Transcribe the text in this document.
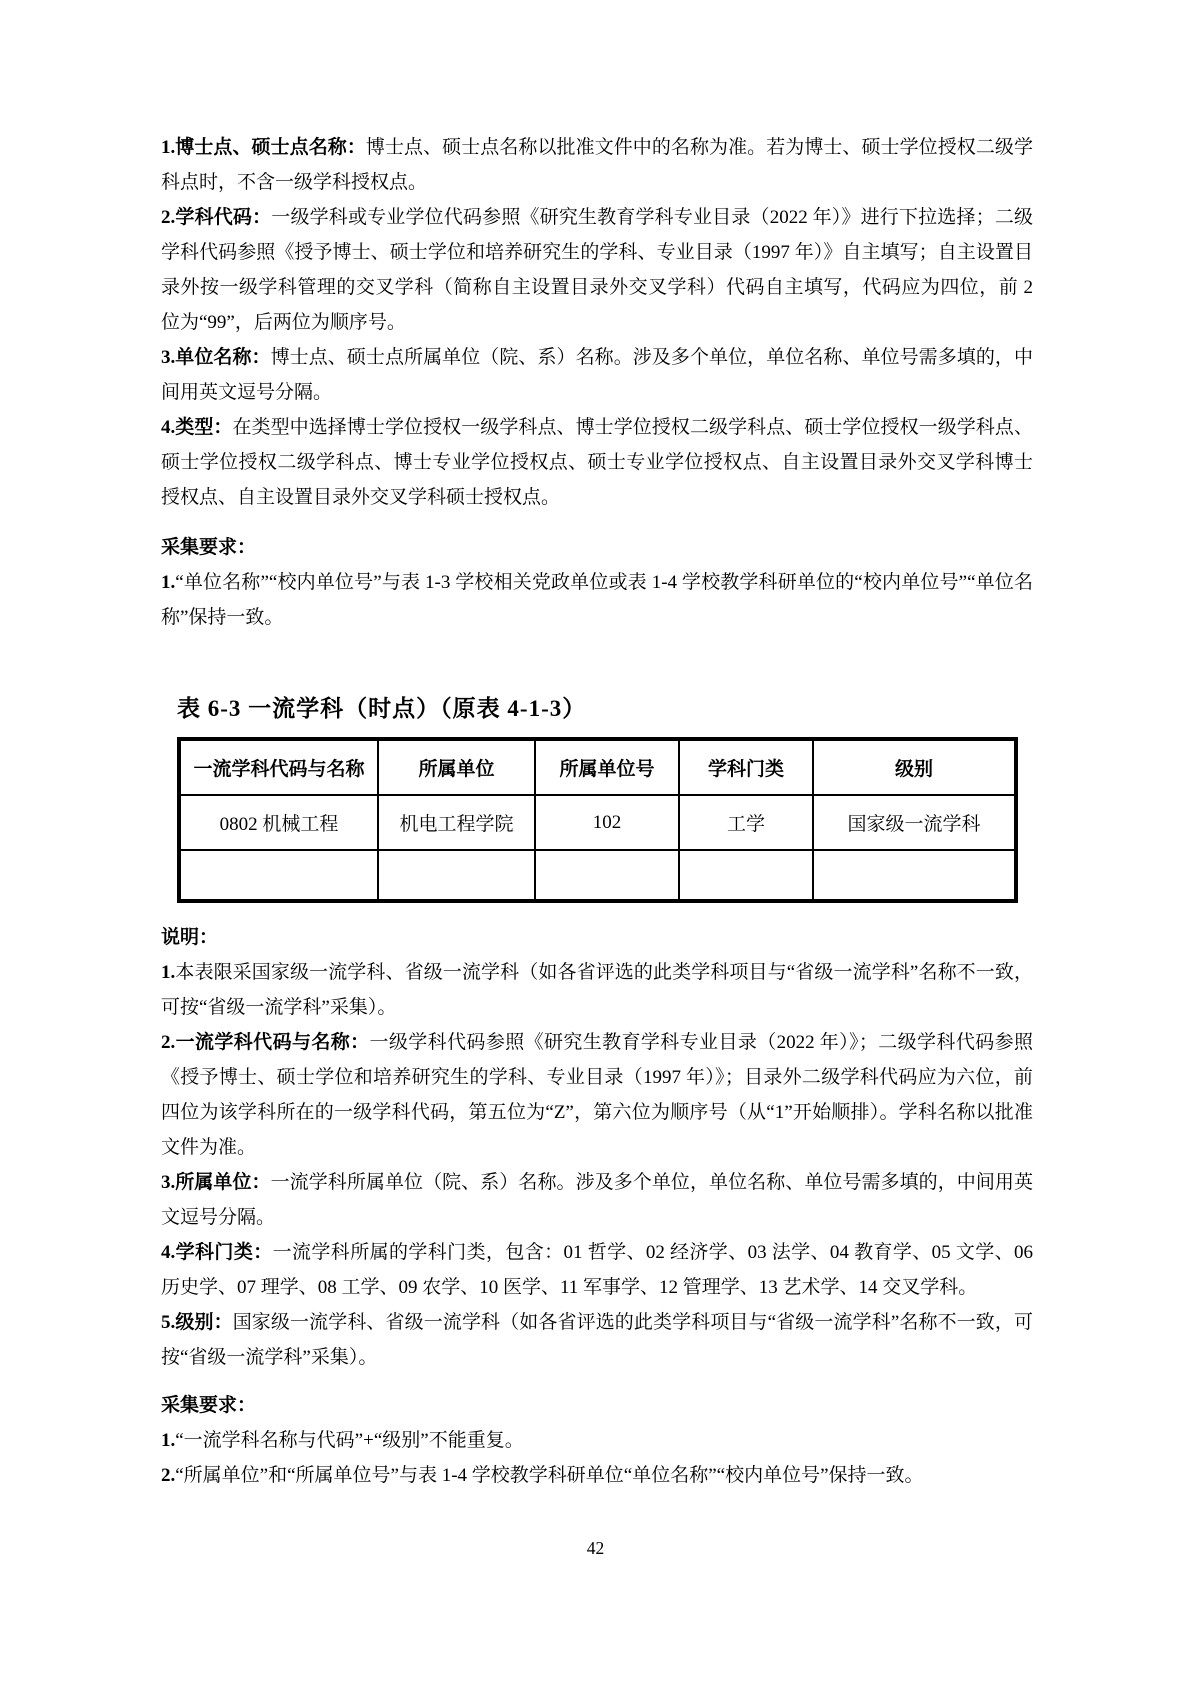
1.博士点、硕士点名称：博士点、硕士点名称以批准文件中的名称为准。若为博士、硕士学位授权二级学科点时，不含一级学科授权点。

2.学科代码：一级学科或专业学位代码参照《研究生教育学科专业目录（2022 年）》进行下拉选择；二级学科代码参照《授予博士、硕士学位和培养研究生的学科、专业目录（1997 年）》自主填写；自主设置目录外按一级学科管理的交叉学科（简称自主设置目录外交叉学科）代码自主填写，代码应为四位，前 2 位为“99”，后两位为顺序号。

3.单位名称：博士点、硕士点所属单位（院、系）名称。涉及多个单位，单位名称、单位号需多填的，中间用英文逗号分隔。

4.类型：在类型中选择博士学位授权一级学科点、博士学位授权二级学科点、硕士学位授权一级学科点、硕士学位授权二级学科点、博士专业学位授权点、硕士专业学位授权点、自主设置目录外交叉学科博士授权点、自主设置目录外交叉学科硕士授权点。

采集要求：

1.“单位名称”“校内单位号”与表 1-3 学校相关党政单位或表 1-4 学校教学科研单位的“校内单位号”“单位名称”保持一致。

表 6-3 一流学科（时点）（原表 4-1-3）

一流学科代码与名称	所属单位	所属单位号	学科门类	级别
0802 机械工程	机电工程学院	102	工学	国家级一流学科

说明：

1.本表限采国家级一流学科、省级一流学科（如各省评选的此类学科项目与“省级一流学科”名称不一致，可按“省级一流学科”采集）。

2.一流学科代码与名称：一级学科代码参照《研究生教育学科专业目录（2022 年）》；二级学科代码参照《授予博士、硕士学位和培养研究生的学科、专业目录（1997 年）》；目录外二级学科代码应为六位，前四位为该学科所在的一级学科代码，第五位为“Z”，第六位为顺序号（从“1”开始顺排）。学科名称以批准文件为准。

3.所属单位：一流学科所属单位（院、系）名称。涉及多个单位，单位名称、单位号需多填的，中间用英文逗号分隔。

4.学科门类：一流学科所属的学科门类，包含：01 哲学、02 经济学、03 法学、04 教育学、05 文学、06 历史学、07 理学、08 工学、09 农学、10 医学、11 军事学、12 管理学、13 艺术学、14 交叉学科。

5.级别：国家级一流学科、省级一流学科（如各省评选的此类学科项目与“省级一流学科”名称不一致，可按“省级一流学科”采集）。

采集要求：

1.“一流学科名称与代码”+“级别”不能重复。

2.“所属单位”和“所属单位号”与表 1-4 学校教学科研单位“单位名称”“校内单位号”保持一致。

42
